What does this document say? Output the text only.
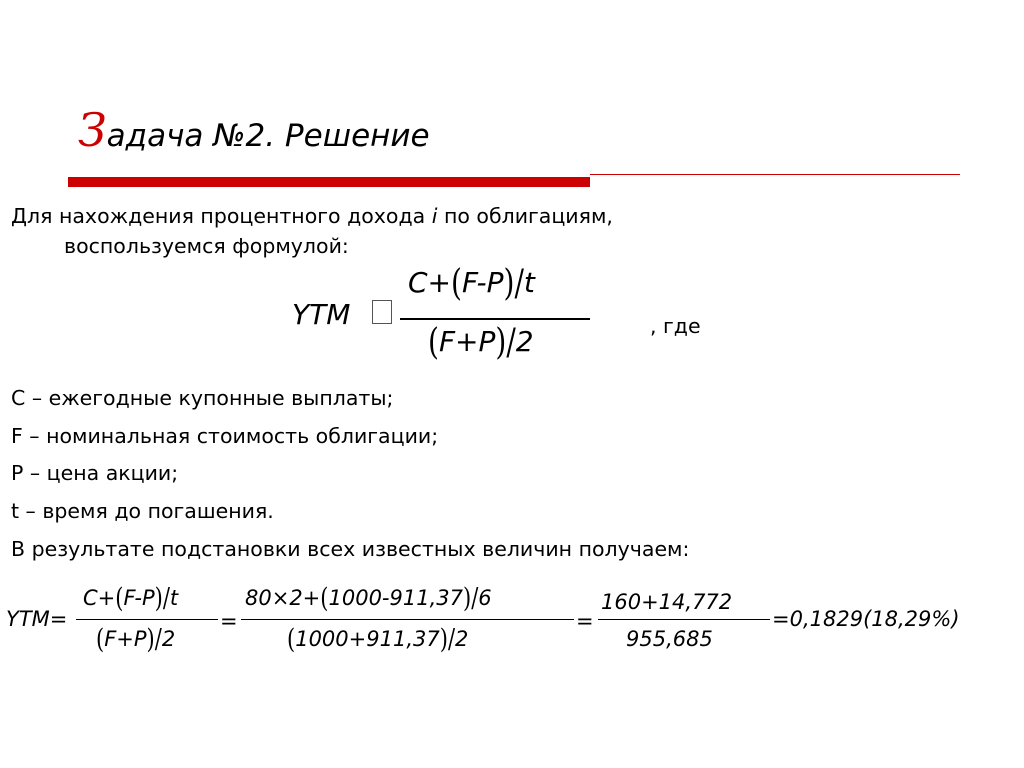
Задача №2. Решение
Для нахождения процентного дохода i по облигациям,
воспользуемся формулой:
YTM
C+(F-P)/t
(F+P)/2	, где
C – ежегодные купонные выплаты;
F – номинальная стоимость облигации;
P – цена акции;
t – время до погашения.
В результате подстановки всех известных величин получаем:
YTM=
C+(F-P)/t
(F+P)/2
=
80×2+(1000-911,37)/6
(1000+911,37)/2
=
160+14,772
955,685
=0,1829(18,29%)
